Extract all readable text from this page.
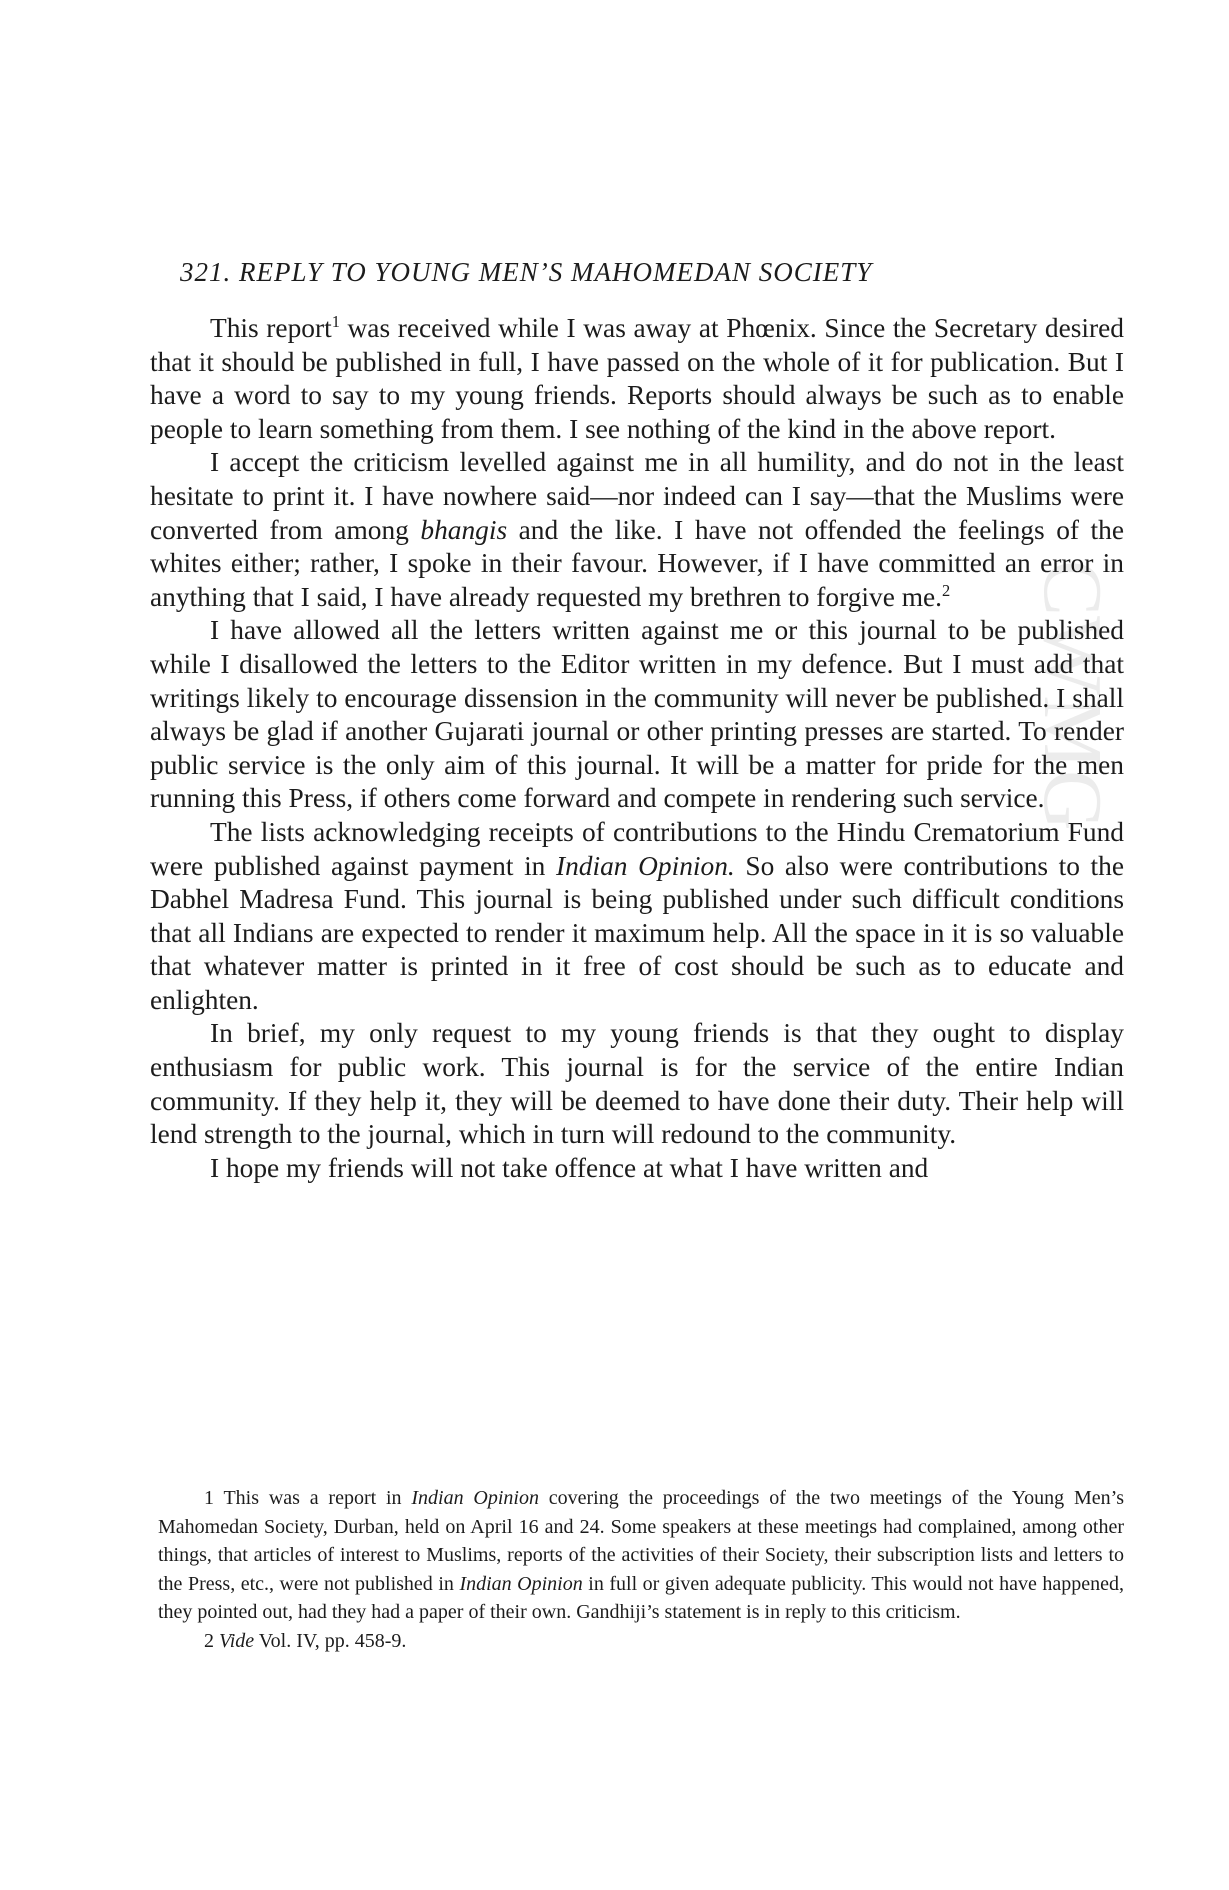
CWMG
321. REPLY TO YOUNG MEN’S MAHOMEDAN SOCIETY

This report$^1$ was received while I was away at Phœnix. Since the Secretary desired that it should be published in full, I have passed on the whole of it for publication. But I have a word to say to my young friends. Reports should always be such as to enable people to learn something from them. I see nothing of the kind in the above report.

I accept the criticism levelled against me in all humility, and do not in the least hesitate to print it. I have nowhere said—nor indeed can I say—that the Muslims were converted from among bhangis and the like. I have not offended the feelings of the whites either; rather, I spoke in their favour. However, if I have committed an error in anything that I said, I have already requested my brethren to forgive me.$^2$

I have allowed all the letters written against me or this journal to be published while I disallowed the letters to the Editor written in my defence. But I must add that writings likely to encourage dissension in the community will never be published. I shall always be glad if another Gujarati journal or other printing presses are started. To render public service is the only aim of this journal. It will be a matter for pride for the men running this Press, if others come forward and compete in rendering such service.

The lists acknowledging receipts of contributions to the Hindu Crematorium Fund were published against payment in Indian Opinion. So also were contributions to the Dabhel Madresa Fund. This journal is being published under such difficult conditions that all Indians are expected to render it maximum help. All the space in it is so valuable that whatever matter is printed in it free of cost should be such as to educate and enlighten.

In brief, my only request to my young friends is that they ought to display enthusiasm for public work. This journal is for the service of the entire Indian community. If they help it, they will be deemed to have done their duty. Their help will lend strength to the journal, which in turn will redound to the community.

I hope my friends will not take offence at what I have written and

1 This was a report in Indian Opinion covering the proceedings of the two meetings of the Young Men’s Mahomedan Society, Durban, held on April 16 and 24. Some speakers at these meetings had complained, among other things, that articles of interest to Muslims, reports of the activities of their Society, their subscription lists and letters to the Press, etc., were not published in Indian Opinion in full or given adequate publicity. This would not have happened, they pointed out, had they had a paper of their own. Gandhiji’s statement is in reply to this criticism.

2 Vide Vol. IV, pp. 458-9.
